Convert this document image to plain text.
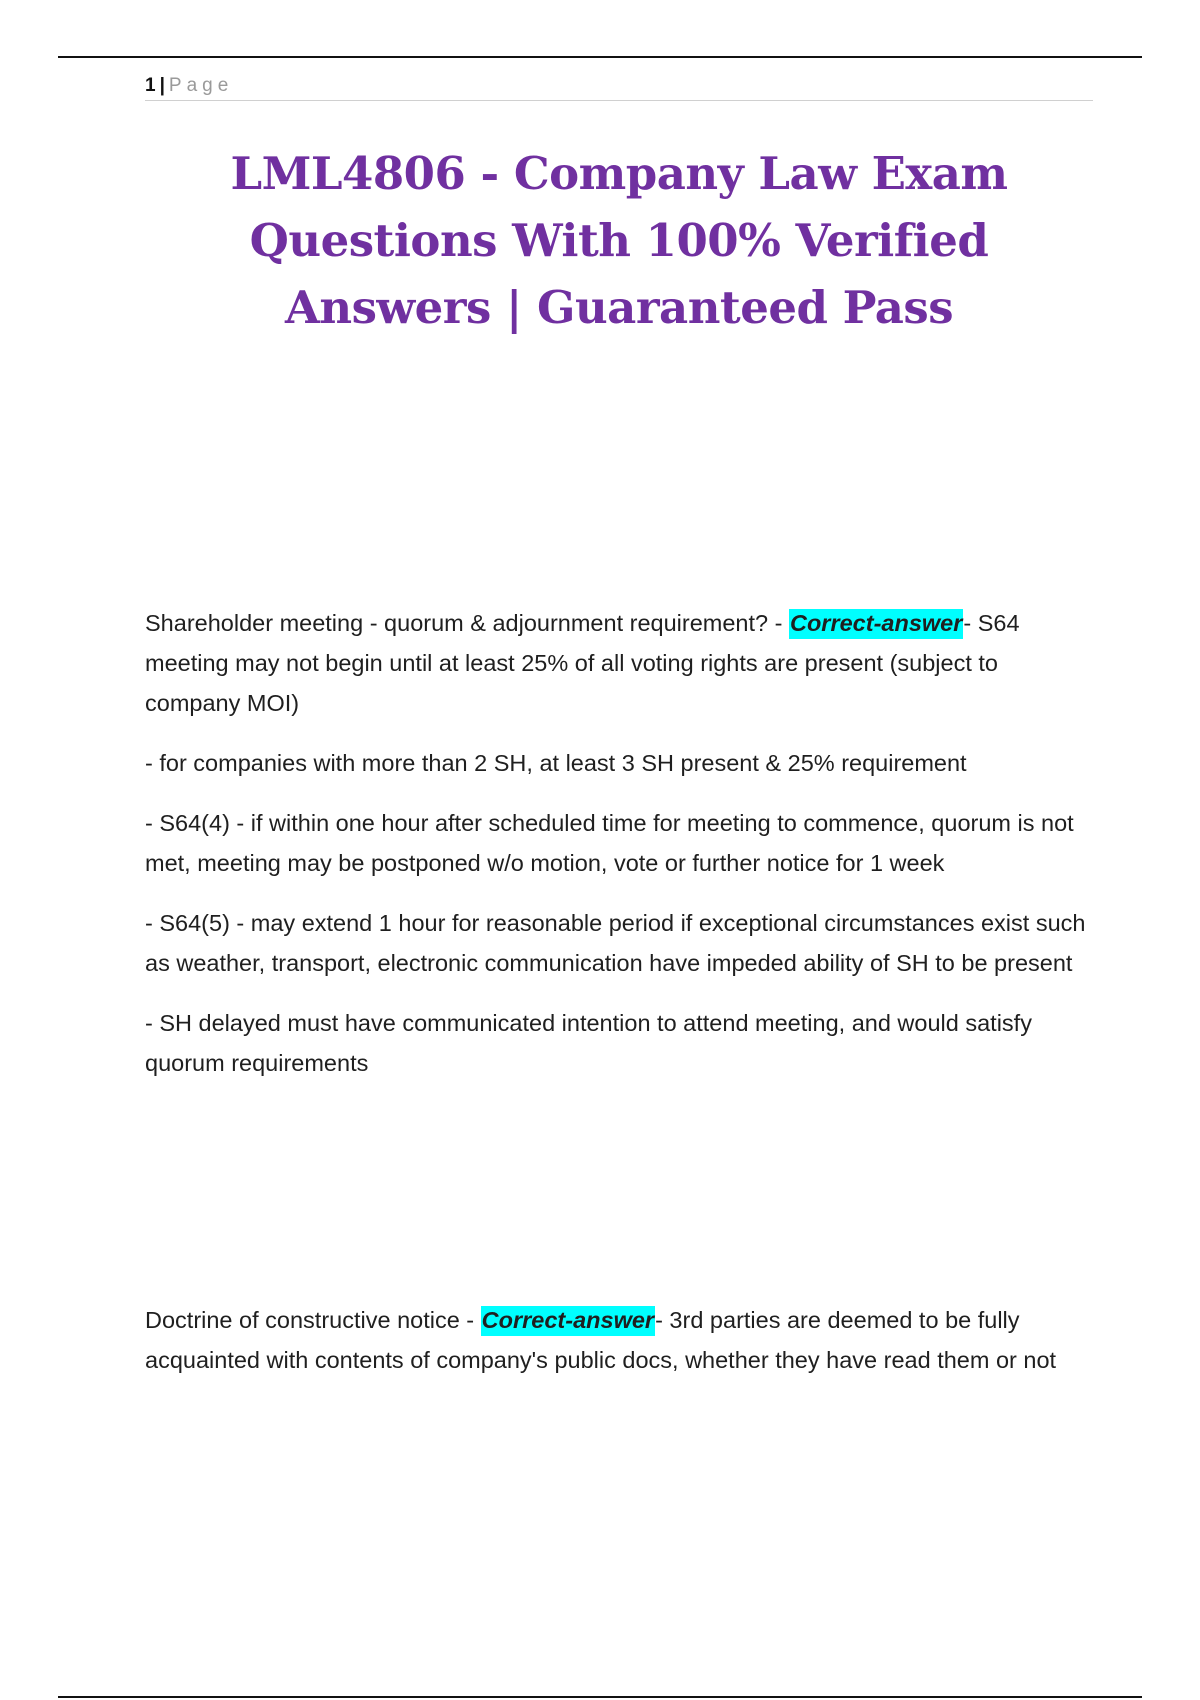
1 | Page
LML4806 - Company Law Exam Questions With 100% Verified Answers | Guaranteed Pass

Shareholder meeting - quorum & adjournment requirement? - Correct-answer- S64 meeting may not begin until at least 25% of all voting rights are present (subject to company MOI)

- for companies with more than 2 SH, at least 3 SH present & 25% requirement

- S64(4) - if within one hour after scheduled time for meeting to commence, quorum is not met, meeting may be postponed w/o motion, vote or further notice for 1 week

- S64(5) - may extend 1 hour for reasonable period if exceptional circumstances exist such as weather, transport, electronic communication have impeded ability of SH to be present

- SH delayed must have communicated intention to attend meeting, and would satisfy quorum requirements

Doctrine of constructive notice - Correct-answer- 3rd parties are deemed to be fully acquainted with contents of company's public docs, whether they have read them or not
